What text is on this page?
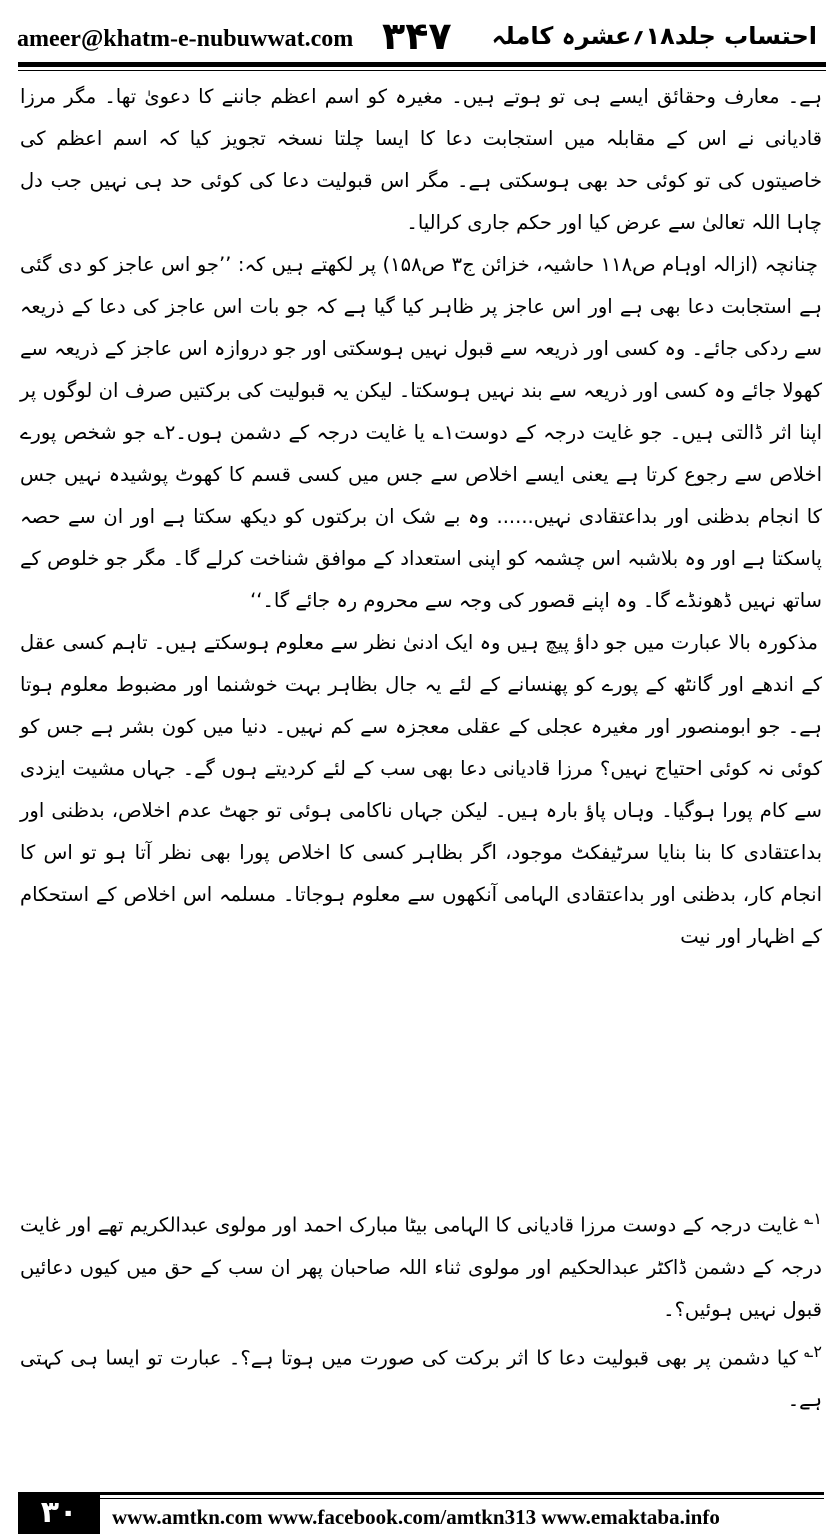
ameer@khatm-e-nubuwwat.com ۳۴۷ احتساب جلد۱۸؍عشرہ کاملہ

ہے۔ معارف وحقائق ایسے ہی تو ہوتے ہیں۔ مغیرہ کو اسم اعظم جاننے کا دعویٰ تھا۔ مگر مرزا قادیانی نے اس کے مقابلہ میں استجابت دعا کا ایسا چلتا نسخہ تجویز کیا کہ اسم اعظم کی خاصیتوں کی تو کوئی حد بھی ہوسکتی ہے۔ مگر اس قبولیت دعا کی کوئی حد ہی نہیں جب دل چاہا اللہ تعالیٰ سے عرض کیا اور حکم جاری کرالیا۔

چنانچہ (ازالہ اوہام ص۱۱۸ حاشیہ، خزائن ج۳ ص۱۵۸) پر لکھتے ہیں کہ: ’’جو اس عاجز کو دی گئی ہے استجابت دعا بھی ہے اور اس عاجز پر ظاہر کیا گیا ہے کہ جو بات اس عاجز کی دعا کے ذریعہ سے ردکی جائے۔ وہ کسی اور ذریعہ سے قبول نہیں ہوسکتی اور جو دروازہ اس عاجز کے ذریعہ سے کھولا جائے وہ کسی اور ذریعہ سے بند نہیں ہوسکتا۔ لیکن یہ قبولیت کی برکتیں صرف ان لوگوں پر اپنا اثر ڈالتی ہیں۔ جو غایت درجہ کے دوست۱؎ یا غایت درجہ کے دشمن ہوں۔۲؎ جو شخص پورے اخلاص سے رجوع کرتا ہے یعنی ایسے اخلاص سے جس میں کسی قسم کا کھوٹ پوشیدہ نہیں جس کا انجام بدظنی اور بداعتقادی نہیں...... وہ بے شک ان برکتوں کو دیکھ سکتا ہے اور ان سے حصہ پاسکتا ہے اور وہ بلاشبہ اس چشمہ کو اپنی استعداد کے موافق شناخت کرلے گا۔ مگر جو خلوص کے ساتھ نہیں ڈھونڈے گا۔ وہ اپنے قصور کی وجہ سے محروم رہ جائے گا۔‘‘

مذکورہ بالا عبارت میں جو داؤ پیچ ہیں وہ ایک ادنیٰ نظر سے معلوم ہوسکتے ہیں۔ تاہم کسی عقل کے اندھے اور گانٹھ کے پورے کو پھنسانے کے لئے یہ جال بظاہر بہت خوشنما اور مضبوط معلوم ہوتا ہے۔ جو ابومنصور اور مغیرہ عجلی کے عقلی معجزہ سے کم نہیں۔ دنیا میں کون بشر ہے جس کو کوئی نہ کوئی احتیاج نہیں؟ مرزا قادیانی دعا بھی سب کے لئے کردیتے ہوں گے۔ جہاں مشیت ایزدی سے کام پورا ہوگیا۔ وہاں پاؤ بارہ ہیں۔ لیکن جہاں ناکامی ہوئی تو جھٹ عدم اخلاص، بدظنی اور بداعتقادی کا بنا بنایا سرٹیفکٹ موجود، اگر بظاہر کسی کا اخلاص پورا بھی نظر آتا ہو تو اس کا انجام کار، بدظنی اور بداعتقادی الہامی آنکھوں سے معلوم ہوجاتا۔ مسلمہ اس اخلاص کے استحکام کے اظہار اور نیت

$^{۱؎}$غایت درجہ کے دوست مرزا قادیانی کا الہامی بیٹا مبارک احمد اور مولوی عبدالکریم تھے اور غایت درجہ کے دشمن ڈاکٹر عبدالحکیم اور مولوی ثناء اللہ صاحبان پھر ان سب کے حق میں کیوں دعائیں قبول نہیں ہوئیں؟۔

$^{۲؎}$کیا دشمن پر بھی قبولیت دعا کا اثر برکت کی صورت میں ہوتا ہے؟۔ عبارت تو ایسا ہی کہتی ہے۔

۳۰	www.amtkn.com www.facebook.com/amtkn313 www.emaktaba.info
